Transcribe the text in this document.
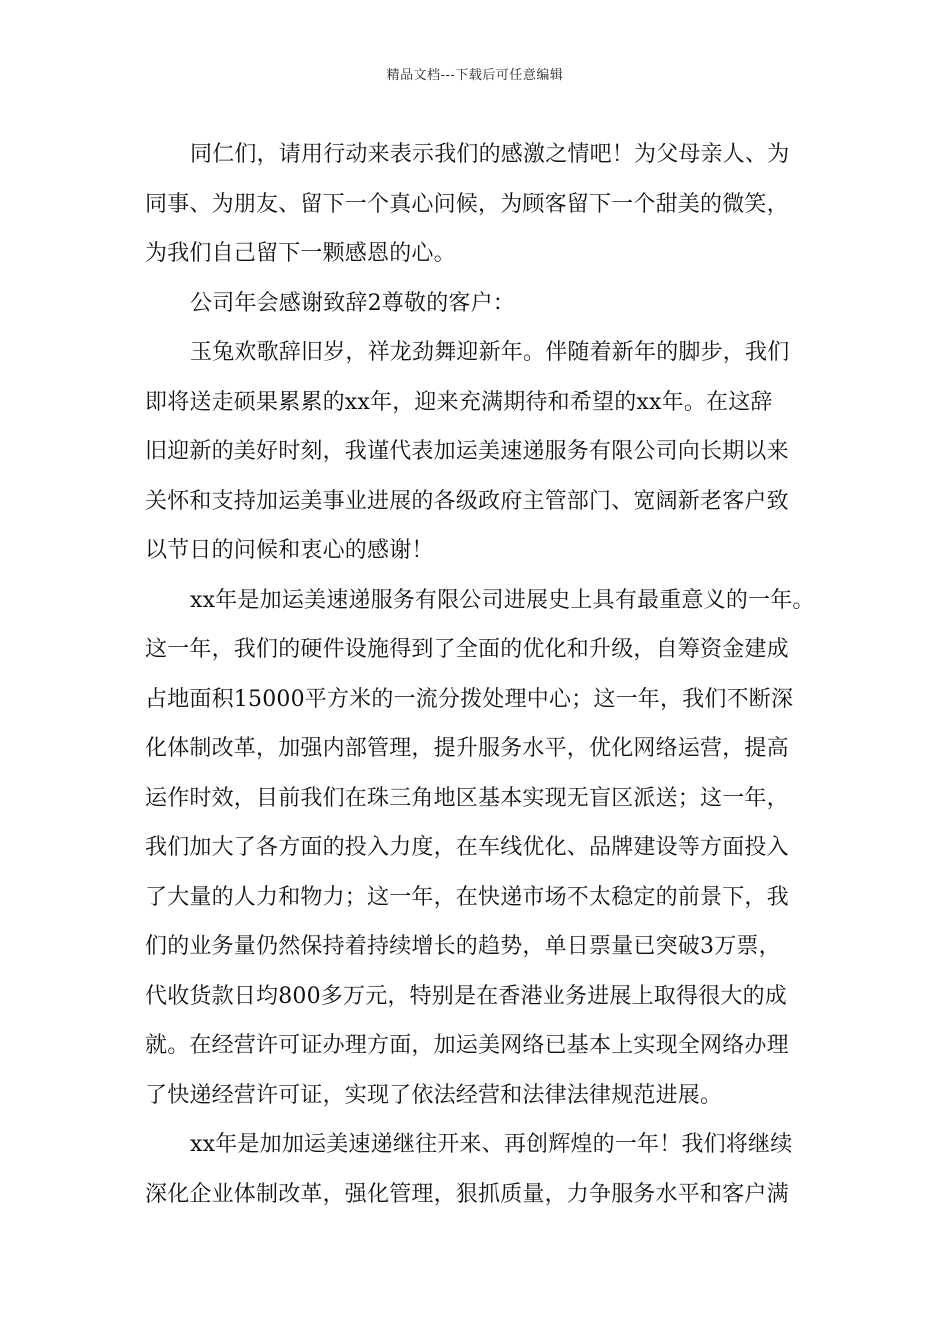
精品文档---下载后可任意编辑
同仁们，请用行动来表示我们的感激之情吧！为父母亲人、为
同事、为朋友、留下一个真心问候，为顾客留下一个甜美的微笑，
为我们自己留下一颗感恩的心。
公司年会感谢致辞2尊敬的客户：
玉兔欢歌辞旧岁，祥龙劲舞迎新年。伴随着新年的脚步，我们
即将送走硕果累累的xx年，迎来充满期待和希望的xx年。在这辞
旧迎新的美好时刻，我谨代表加运美速递服务有限公司向长期以来
关怀和支持加运美事业进展的各级政府主管部门、宽阔新老客户致
以节日的问候和衷心的感谢！
xx年是加运美速递服务有限公司进展史上具有最重意义的一年。
这一年，我们的硬件设施得到了全面的优化和升级，自筹资金建成
占地面积15000平方米的一流分拨处理中心；这一年，我们不断深
化体制改革，加强内部管理，提升服务水平，优化网络运营，提高
运作时效，目前我们在珠三角地区基本实现无盲区派送；这一年，
我们加大了各方面的投入力度，在车线优化、品牌建设等方面投入
了大量的人力和物力；这一年，在快递市场不太稳定的前景下，我
们的业务量仍然保持着持续增长的趋势，单日票量已突破3万票，
代收货款日均800多万元，特别是在香港业务进展上取得很大的成
就。在经营许可证办理方面，加运美网络已基本上实现全网络办理
了快递经营许可证，实现了依法经营和法律法律规范进展。
xx年是加加运美速递继往开来、再创辉煌的一年！我们将继续
深化企业体制改革，强化管理，狠抓质量，力争服务水平和客户满
